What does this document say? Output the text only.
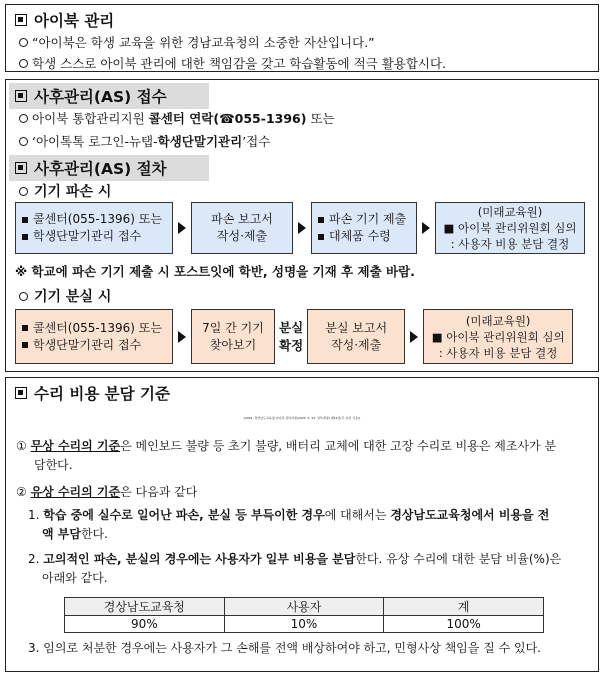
아이북 관리
“아이북은 학생 교육을 위한 경남교육청의 소중한 자산입니다.”
학생 스스로 아이북 관리에 대한 책임감을 갖고 학습활동에 적극 활용합시다.
사후관리(AS) 접수
아이북 통합관리지원 콜센터 연락(☎055-1396) 또는
‘아이톡톡 로그인-뉴탭- 학생단말기관리 ’접수
사후관리(AS) 절차
기기 파손 시
콜센터(055-1396) 또는
학생단말기관리 접수
파손 보고서
작성·제출
파손 기기 제출
대체품 수령
(미래교육원)
■ 아이북 관리위원회 심의
: 사용자 비용 분담 결정
※ 학교에 파손 기기 제출 시 포스트잇에 학반, 성명을 기재 후 제출 바람.
기기 분실 시
콜센터(055-1396) 또는
학생단말기관리 접수
7일 간 기기
찾아보기
분실
확정
분실 보고서
작성·제출
(미래교육원)
■ 아이북 관리위원회 심의
: 사용자 비용 분담 결정
수리 비용 분담 기준
[2024. 경상남도교육청 아이북 관리지침(2024. 5. 21. 일부개정) 제12조(무·유상 기준)]
① 무상 수리의 기준은 메인보드 불량 등 초기 불량, 배터리 교체에 대한 고장 수리로 비용은 제조사가 분
담한다.
② 유상 수리의 기준은 다음과 같다
1. 학습 중에 실수로 일어난 파손, 분실 등 부득이한 경우에 대해서는 경상남도교육청에서 비용을 전
액 부담한다.
2. 고의적인 파손, 분실의 경우에는 사용자가 일부 비용을 분담한다. 유상 수리에 대한 분담 비율(%)은
아래와 같다.
경상남도교육청	사용자	계
90%	10%	100%
3. 임의로 처분한 경우에는 사용자가 그 손해를 전액 배상하여야 하고, 민형사상 책임을 질 수 있다.
